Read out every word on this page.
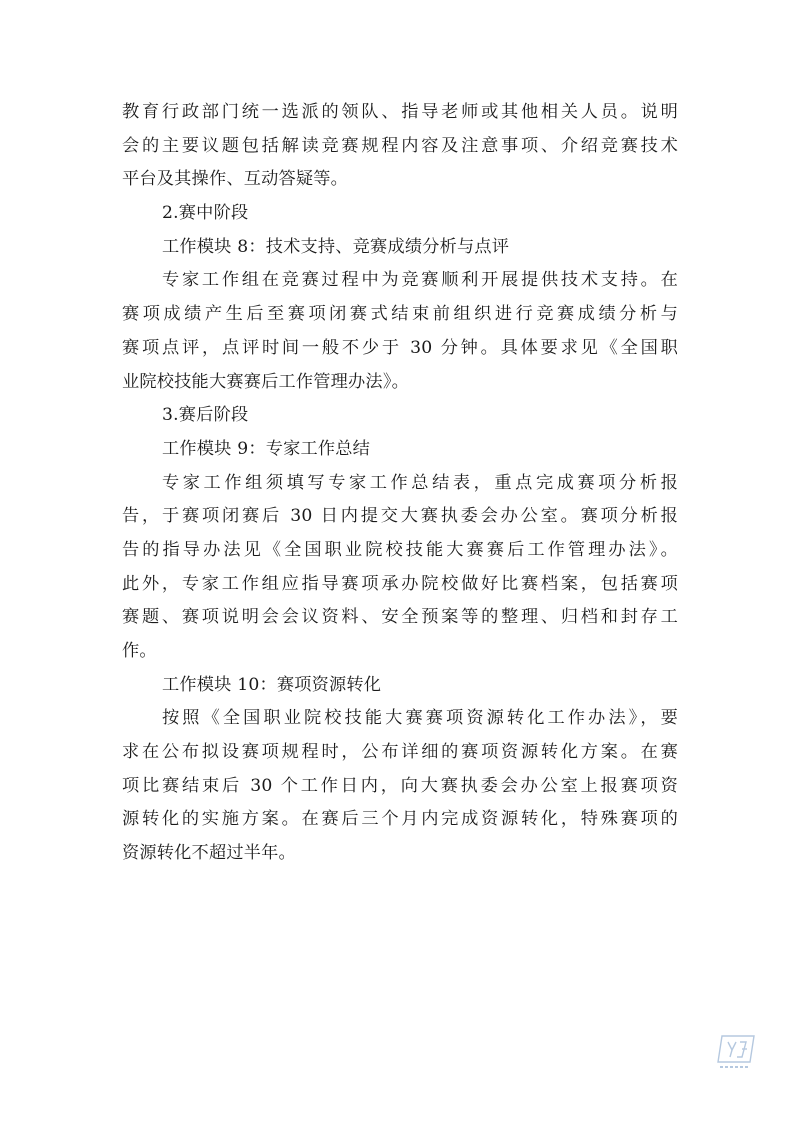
教育行政部门统一选派的领队、指导老师或其他相关人员。说明
会的主要议题包括解读竞赛规程内容及注意事项、介绍竞赛技术
平台及其操作、互动答疑等。
2.赛中阶段
工作模块 8：技术支持、竞赛成绩分析与点评
专家工作组在竞赛过程中为竞赛顺利开展提供技术支持。在
赛项成绩产生后至赛项闭赛式结束前组织进行竞赛成绩分析与
赛项点评，点评时间一般不少于 30 分钟。具体要求见《全国职
业院校技能大赛赛后工作管理办法》。
3.赛后阶段
工作模块 9：专家工作总结
专家工作组须填写专家工作总结表，重点完成赛项分析报
告，于赛项闭赛后 30 日内提交大赛执委会办公室。赛项分析报
告的指导办法见《全国职业院校技能大赛赛后工作管理办法》。
此外，专家工作组应指导赛项承办院校做好比赛档案，包括赛项
赛题、赛项说明会会议资料、安全预案等的整理、归档和封存工
作。
工作模块 10：赛项资源转化
按照《全国职业院校技能大赛赛项资源转化工作办法》，要
求在公布拟设赛项规程时，公布详细的赛项资源转化方案。在赛
项比赛结束后 30 个工作日内，向大赛执委会办公室上报赛项资
源转化的实施方案。在赛后三个月内完成资源转化，特殊赛项的
资源转化不超过半年。
